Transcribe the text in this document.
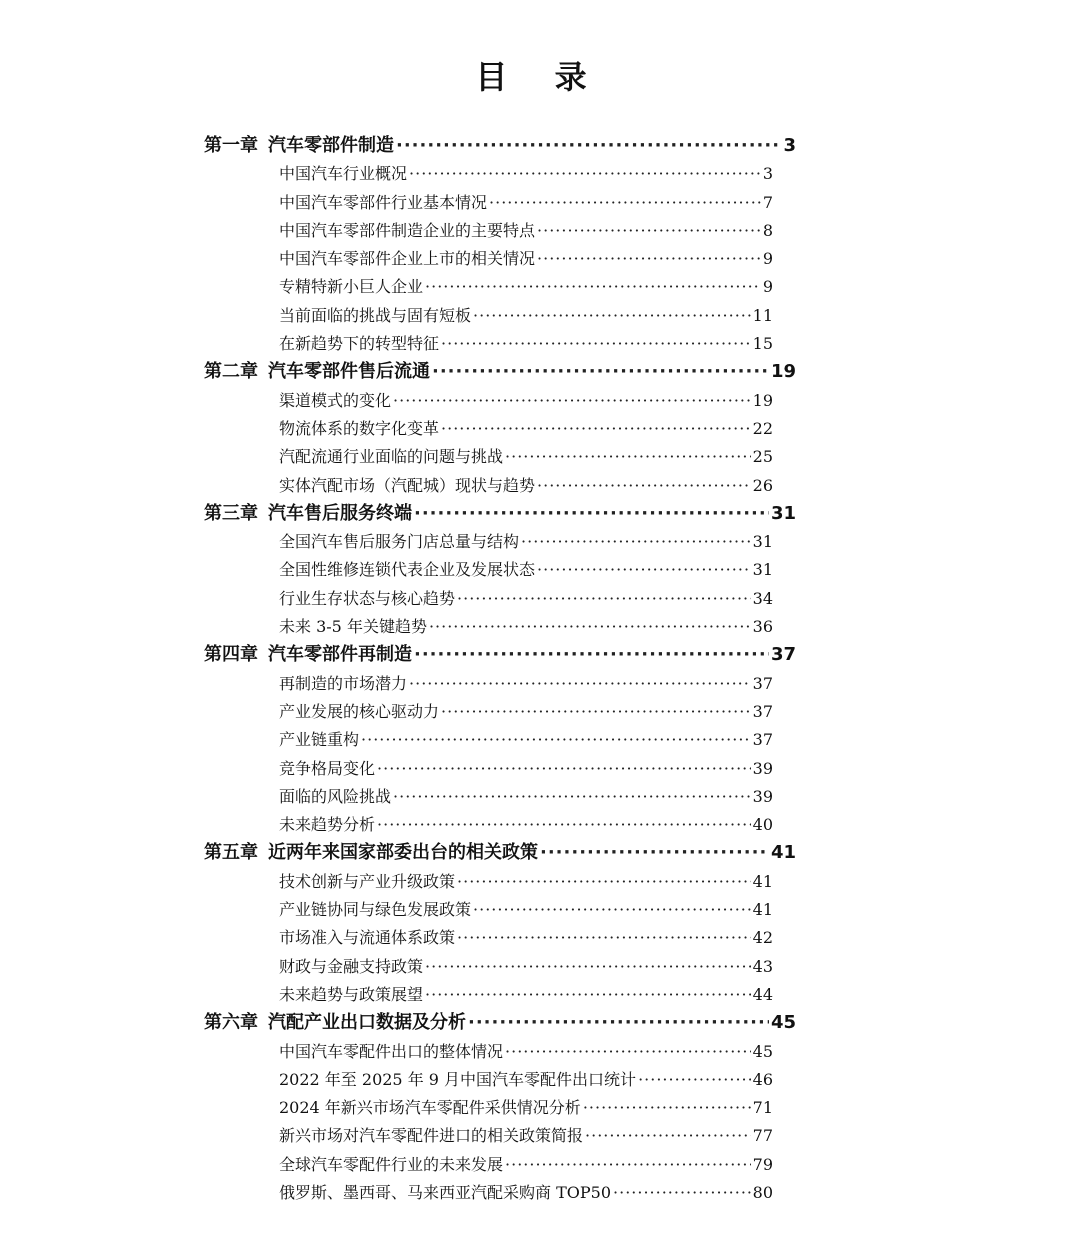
目 录
第一章 汽车零部件制造 ·····	3
中国汽车行业概况 ·····	3
中国汽车零部件行业基本情况 ·····	7
中国汽车零部件制造企业的主要特点 ·····	8
中国汽车零部件企业上市的相关情况 ·····	9
专精特新小巨人企业 ·····	9
当前面临的挑战与固有短板 ·····	11
在新趋势下的转型特征 ·····	15
第二章 汽车零部件售后流通 ·····	19
渠道模式的变化 ·····	19
物流体系的数字化变革 ·····	22
汽配流通行业面临的问题与挑战 ·····	25
实体汽配市场（汽配城）现状与趋势 ·····	26
第三章 汽车售后服务终端 ·····	31
全国汽车售后服务门店总量与结构 ·····	31
全国性维修连锁代表企业及发展状态 ·····	31
行业生存状态与核心趋势 ·····	34
未来 3-5 年关键趋势 ·····	36
第四章 汽车零部件再制造 ·····	37
再制造的市场潜力 ·····	37
产业发展的核心驱动力 ·····	37
产业链重构 ·····	37
竞争格局变化 ·····	39
面临的风险挑战 ·····	39
未来趋势分析 ·····	40
第五章 近两年来国家部委出台的相关政策 ·····	41
技术创新与产业升级政策 ·····	41
产业链协同与绿色发展政策 ·····	41
市场准入与流通体系政策 ·····	42
财政与金融支持政策 ·····	43
未来趋势与政策展望 ·····	44
第六章 汽配产业出口数据及分析 ·····	45
中国汽车零配件出口的整体情况 ·····	45
2022 年至 2025 年 9 月中国汽车零配件出口统计 ·····	46
2024 年新兴市场汽车零配件采供情况分析 ·····	71
新兴市场对汽车零配件进口的相关政策简报 ·····	77
全球汽车零配件行业的未来发展 ·····	79
俄罗斯、墨西哥、马来西亚汽配采购商 TOP50 ·····	80
